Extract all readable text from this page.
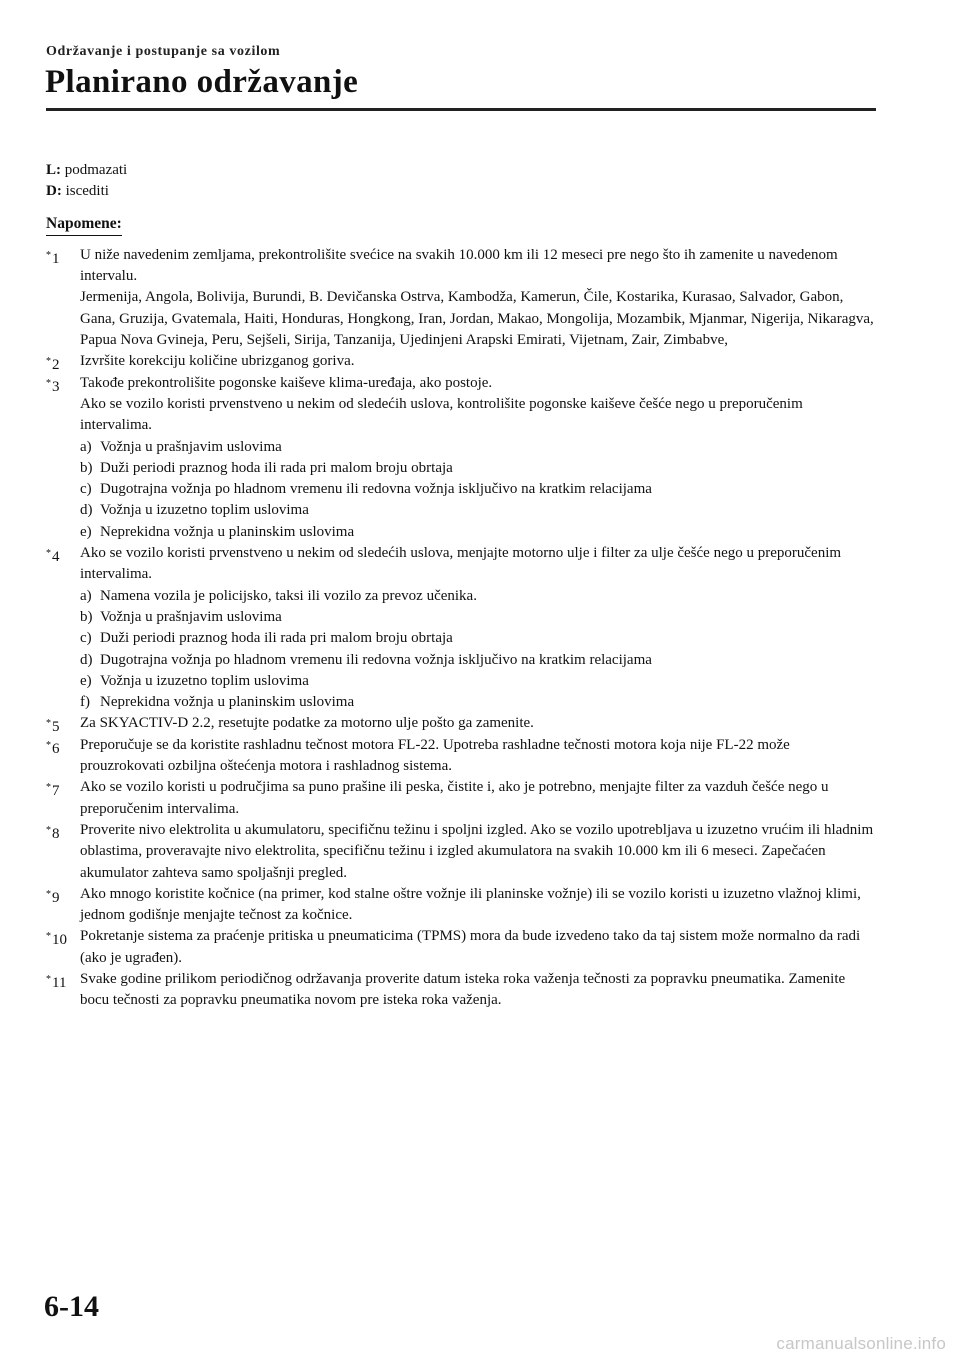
Održavanje i postupanje sa vozilom
Planirano održavanje

L: podmazati

D: iscediti

Napomene:
*1 U niže navedenim zemljama, prekontrolišite svećice na svakih 10.000 km ili 12 meseci pre nego što ih zamenite u navedenom intervalu.

Jermenija, Angola, Bolivija, Burundi, B. Devičanska Ostrva, Kambodža, Kamerun, Čile, Kostarika, Kurasao, Salvador, Gabon, Gana, Gruzija, Gvatemala, Haiti, Honduras, Hongkong, Iran, Jordan, Makao, Mongolija, Mozambik, Mjanmar, Nigerija, Nikaragva, Papua Nova Gvineja, Peru, Sejšeli, Sirija, Tanzanija, Ujedinjeni Arapski Emirati, Vijetnam, Zair, Zimbabve,

*2 Izvršite korekciju količine ubrizganog goriva.

*3 Takođe prekontrolišite pogonske kaiševe klima-uređaja, ako postoje.

Ako se vozilo koristi prvenstveno u nekim od sledećih uslova, kontrolišite pogonske kaiševe češće nego u preporučenim intervalima.

a) Vožnja u prašnjavim uslovima
b) Duži periodi praznog hoda ili rada pri malom broju obrtaja
c) Dugotrajna vožnja po hladnom vremenu ili redovna vožnja isključivo na kratkim relacijama
d) Vožnja u izuzetno toplim uslovima
e) Neprekidna vožnja u planinskim uslovima
*4 Ako se vozilo koristi prvenstveno u nekim od sledećih uslova, menjajte motorno ulje i filter za ulje češće nego u preporučenim intervalima.

a) Namena vozila je policijsko, taksi ili vozilo za prevoz učenika.
b) Vožnja u prašnjavim uslovima
c) Duži periodi praznog hoda ili rada pri malom broju obrtaja
d) Dugotrajna vožnja po hladnom vremenu ili redovna vožnja isključivo na kratkim relacijama
e) Vožnja u izuzetno toplim uslovima
f) Neprekidna vožnja u planinskim uslovima
*5 Za SKYACTIV-D 2.2, resetujte podatke za motorno ulje pošto ga zamenite.

*6 Preporučuje se da koristite rashladnu tečnost motora FL-22. Upotreba rashladne tečnosti motora koja nije FL-22 može prouzrokovati ozbiljna oštećenja motora i rashladnog sistema.

*7 Ako se vozilo koristi u područjima sa puno prašine ili peska, čistite i, ako je potrebno, menjajte filter za vazduh češće nego u preporučenim intervalima.

*8 Proverite nivo elektrolita u akumulatoru, specifičnu težinu i spoljni izgled. Ako se vozilo upotrebljava u izuzetno vrućim ili hladnim oblastima, proveravajte nivo elektrolita, specifičnu težinu i izgled akumulatora na svakih 10.000 km ili 6 meseci. Zapečaćen akumulator zahteva samo spoljašnji pregled.

*9 Ako mnogo koristite kočnice (na primer, kod stalne oštre vožnje ili planinske vožnje) ili se vozilo koristi u izuzetno vlažnoj klimi, jednom godišnje menjajte tečnost za kočnice.

*10 Pokretanje sistema za praćenje pritiska u pneumaticima (TPMS) mora da bude izvedeno tako da taj sistem može normalno da radi (ako je ugrađen).

*11 Svake godine prilikom periodičnog održavanja proverite datum isteka roka važenja tečnosti za popravku pneumatika. Zamenite bocu tečnosti za popravku pneumatika novom pre isteka roka važenja.

6-14
carmanualsonline.info
